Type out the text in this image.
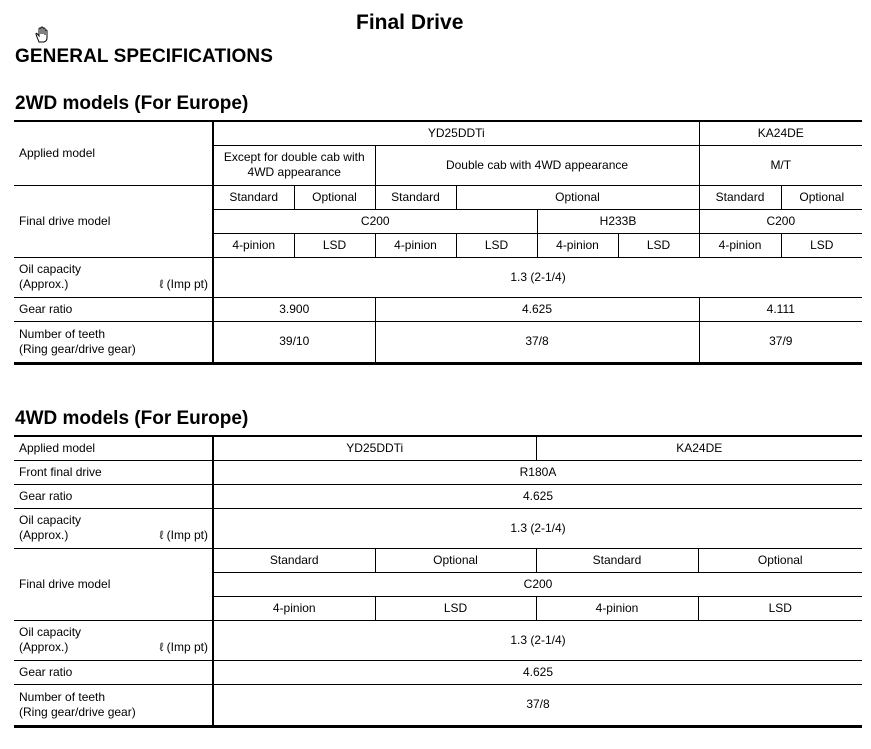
Final Drive
GENERAL SPECIFICATIONS
2WD models (For Europe)
Applied model	YD25DDTi						KA24DE	
	Except for double cab with 4WD appearance		Double cab with 4WD appearance				M/T	
Final drive model	Standard	Optional	Standard	Optional			Standard	Optional
	C200				H233B		C200	
	4-pinion	LSD	4-pinion	LSD	4-pinion	LSD	4-pinion	LSD

Oil capacity
(Approx.) ℓ (Imp pt)	1.3 (2-1/4)							
Gear ratio	3.900		4.625				4.111	

Number of teeth
(Ring gear/drive gear)	39/10		37/8				37/9	
4WD models (For Europe)
Applied model	YD25DDTi		KA24DE	
Front final drive	R180A			
Gear ratio	4.625			

Oil capacity
(Approx.) ℓ (Imp pt)	1.3 (2-1/4)			
Final drive model	Standard	Optional	Standard	Optional
	C200			
	4-pinion	LSD	4-pinion	LSD

Oil capacity
(Approx.) ℓ (Imp pt)	1.3 (2-1/4)			
Gear ratio	4.625			

Number of teeth
(Ring gear/drive gear)	37/8			
